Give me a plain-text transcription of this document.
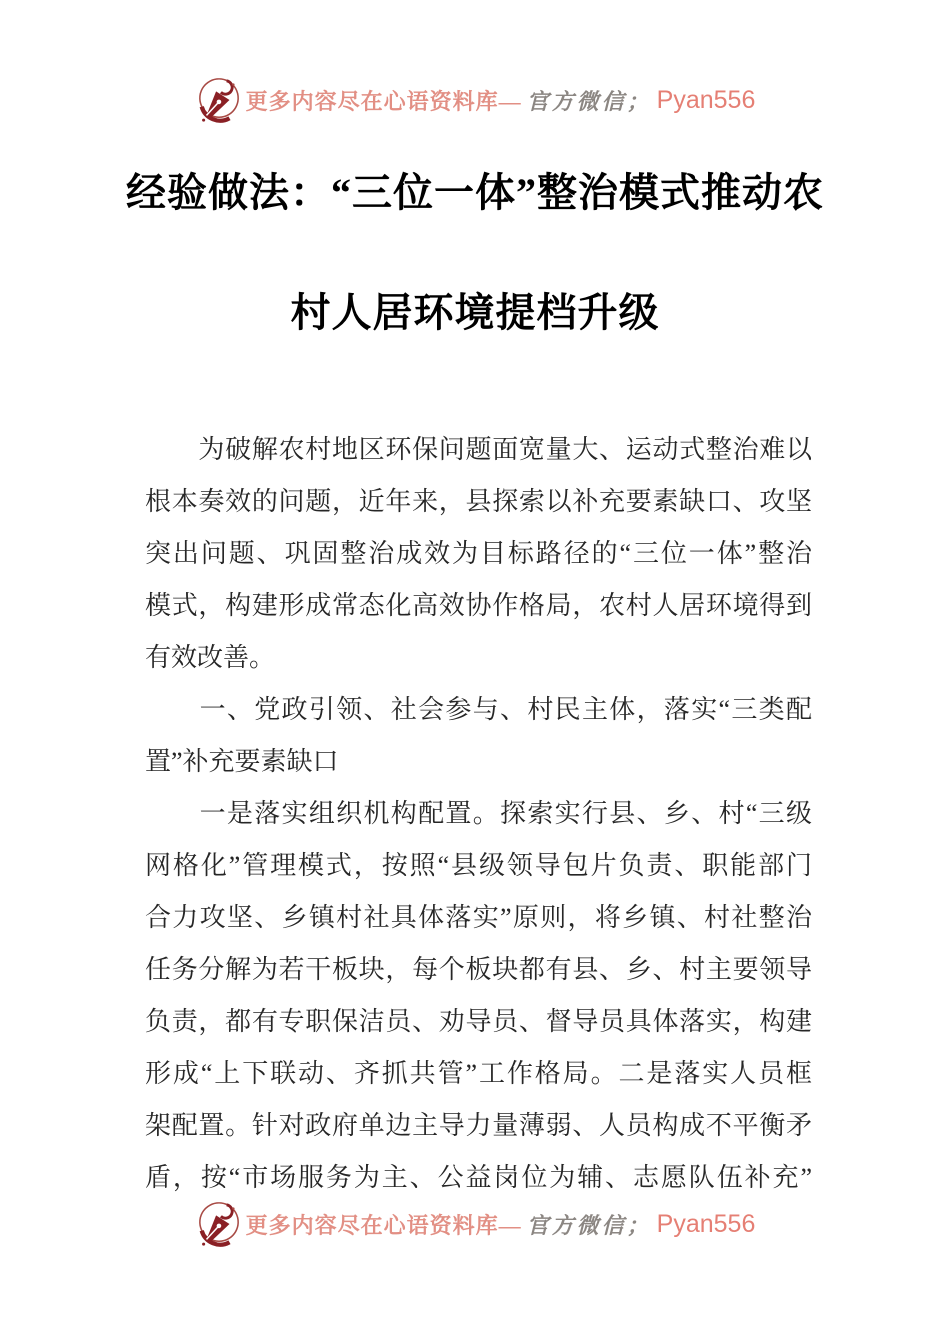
更多内容尽在心语资料库— 官方微信； Pyan556
经验做法：“三位一体”整治模式推动农
村人居环境提档升级
　　为破解农村地区环保问题面宽量大、运动式整治难以
根本奏效的问题，近年来，县探索以补充要素缺口、攻坚
突出问题、巩固整治成效为目标路径的“三位一体”整治
模式，构建形成常态化高效协作格局，农村人居环境得到
有效改善。
　　一、党政引领、社会参与、村民主体，落实“三类配
置”补充要素缺口
　　一是落实组织机构配置。探索实行县、乡、村“三级
网格化”管理模式，按照“县级领导包片负责、职能部门
合力攻坚、乡镇村社具体落实”原则，将乡镇、村社整治
任务分解为若干板块，每个板块都有县、乡、村主要领导
负责，都有专职保洁员、劝导员、督导员具体落实，构建
形成“上下联动、齐抓共管”工作格局。二是落实人员框
架配置。针对政府单边主导力量薄弱、人员构成不平衡矛
盾，按“市场服务为主、公益岗位为辅、志愿队伍补充”
更多内容尽在心语资料库— 官方微信； Pyan556
